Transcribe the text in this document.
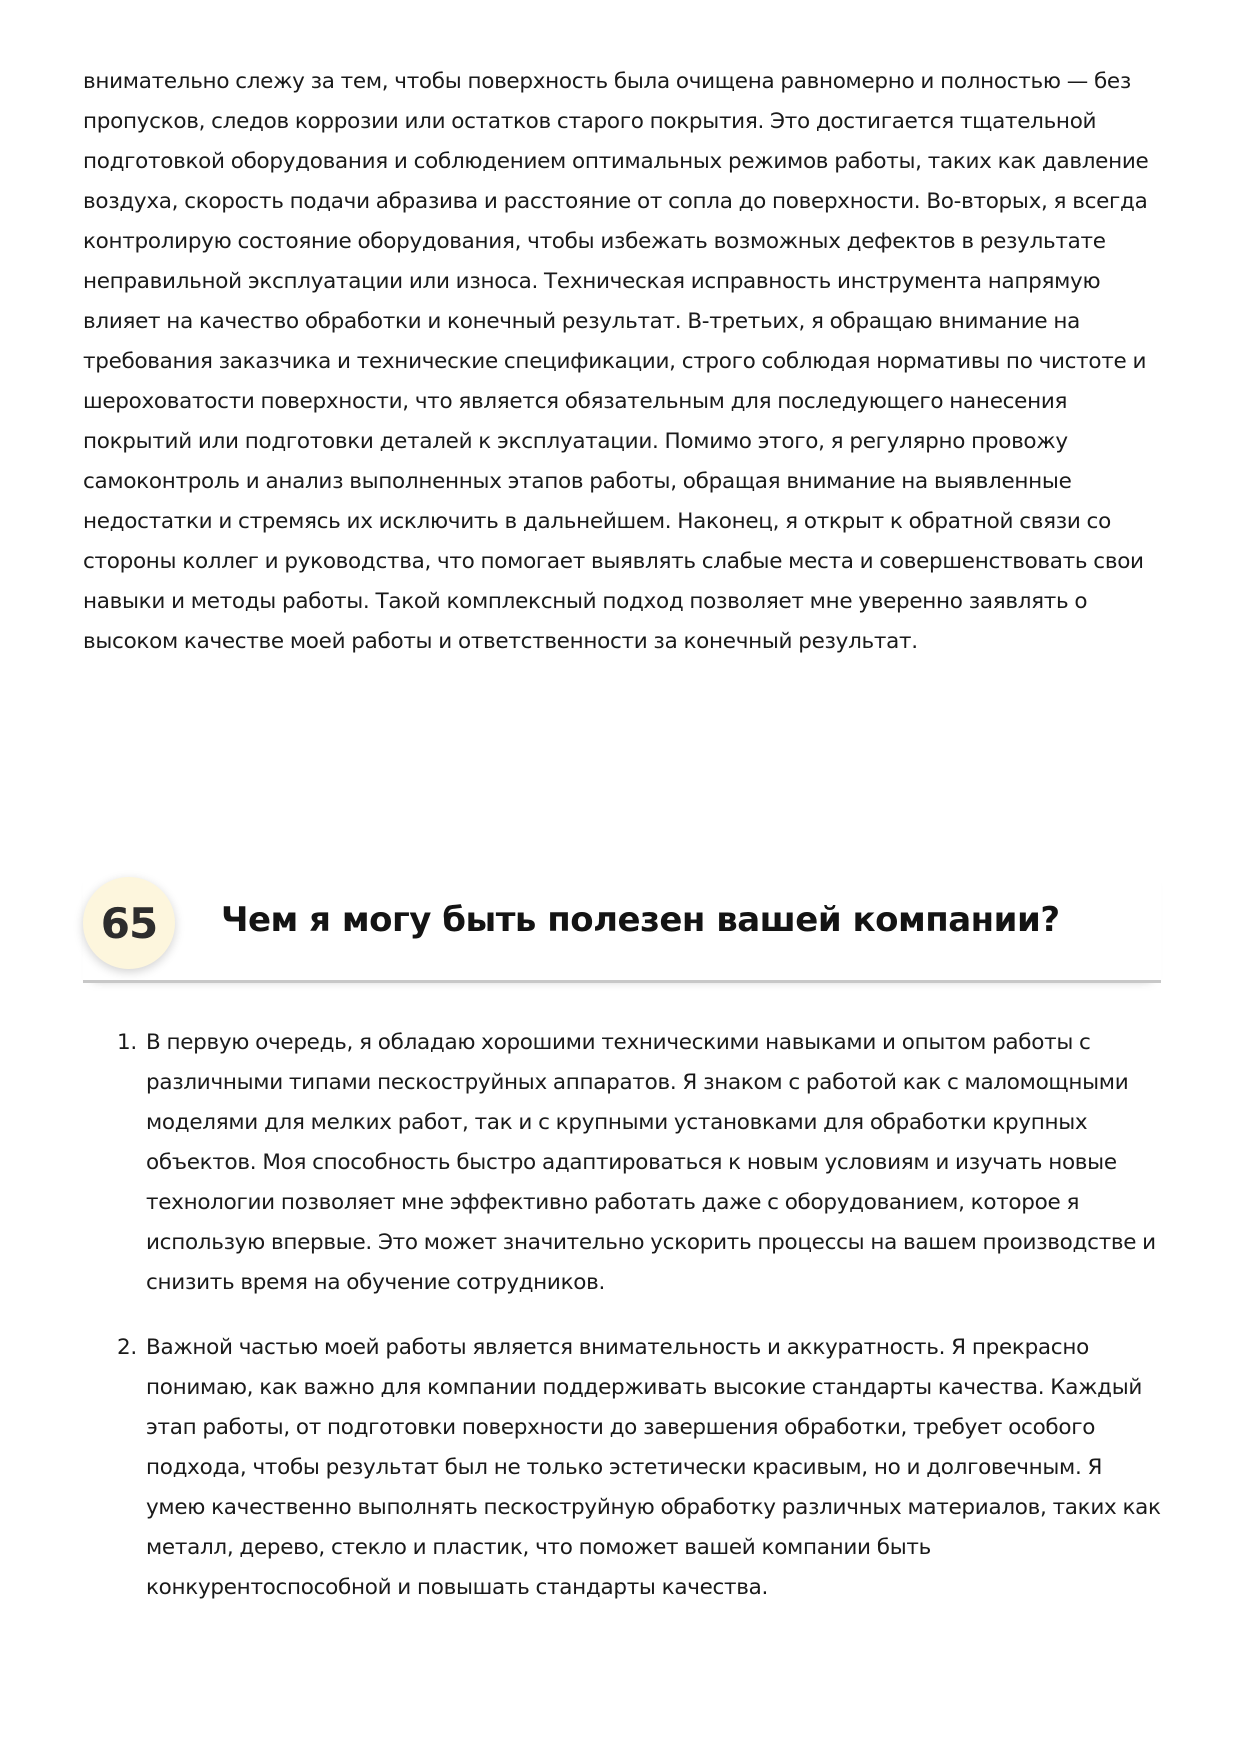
внимательно слежу за тем, чтобы поверхность была очищена равномерно и полностью — без пропусков, следов коррозии или остатков старого покрытия. Это достигается тщательной подготовкой оборудования и соблюдением оптимальных режимов работы, таких как давление воздуха, скорость подачи абразива и расстояние от сопла до поверхности. Во-вторых, я всегда контролирую состояние оборудования, чтобы избежать возможных дефектов в результате неправильной эксплуатации или износа. Техническая исправность инструмента напрямую влияет на качество обработки и конечный результат. В-третьих, я обращаю внимание на требования заказчика и технические спецификации, строго соблюдая нормативы по чистоте и шероховатости поверхности, что является обязательным для последующего нанесения покрытий или подготовки деталей к эксплуатации. Помимо этого, я регулярно провожу самоконтроль и анализ выполненных этапов работы, обращая внимание на выявленные недостатки и стремясь их исключить в дальнейшем. Наконец, я открыт к обратной связи со стороны коллег и руководства, что помогает выявлять слабые места и совершенствовать свои навыки и методы работы. Такой комплексный подход позволяет мне уверенно заявлять о высоком качестве моей работы и ответственности за конечный результат.

65	Чем я могу быть полезен вашей компании?
1. В первую очередь, я обладаю хорошими техническими навыками и опытом работы с различными типами пескоструйных аппаратов. Я знаком с работой как с маломощными моделями для мелких работ, так и с крупными установками для обработки крупных объектов. Моя способность быстро адаптироваться к новым условиям и изучать новые технологии позволяет мне эффективно работать даже с оборудованием, которое я использую впервые. Это может значительно ускорить процессы на вашем производстве и снизить время на обучение сотрудников.
2. Важной частью моей работы является внимательность и аккуратность. Я прекрасно понимаю, как важно для компании поддерживать высокие стандарты качества. Каждый этап работы, от подготовки поверхности до завершения обработки, требует особого подхода, чтобы результат был не только эстетически красивым, но и долговечным. Я умею качественно выполнять пескоструйную обработку различных материалов, таких как металл, дерево, стекло и пластик, что поможет вашей компании быть конкурентоспособной и повышать стандарты качества.
